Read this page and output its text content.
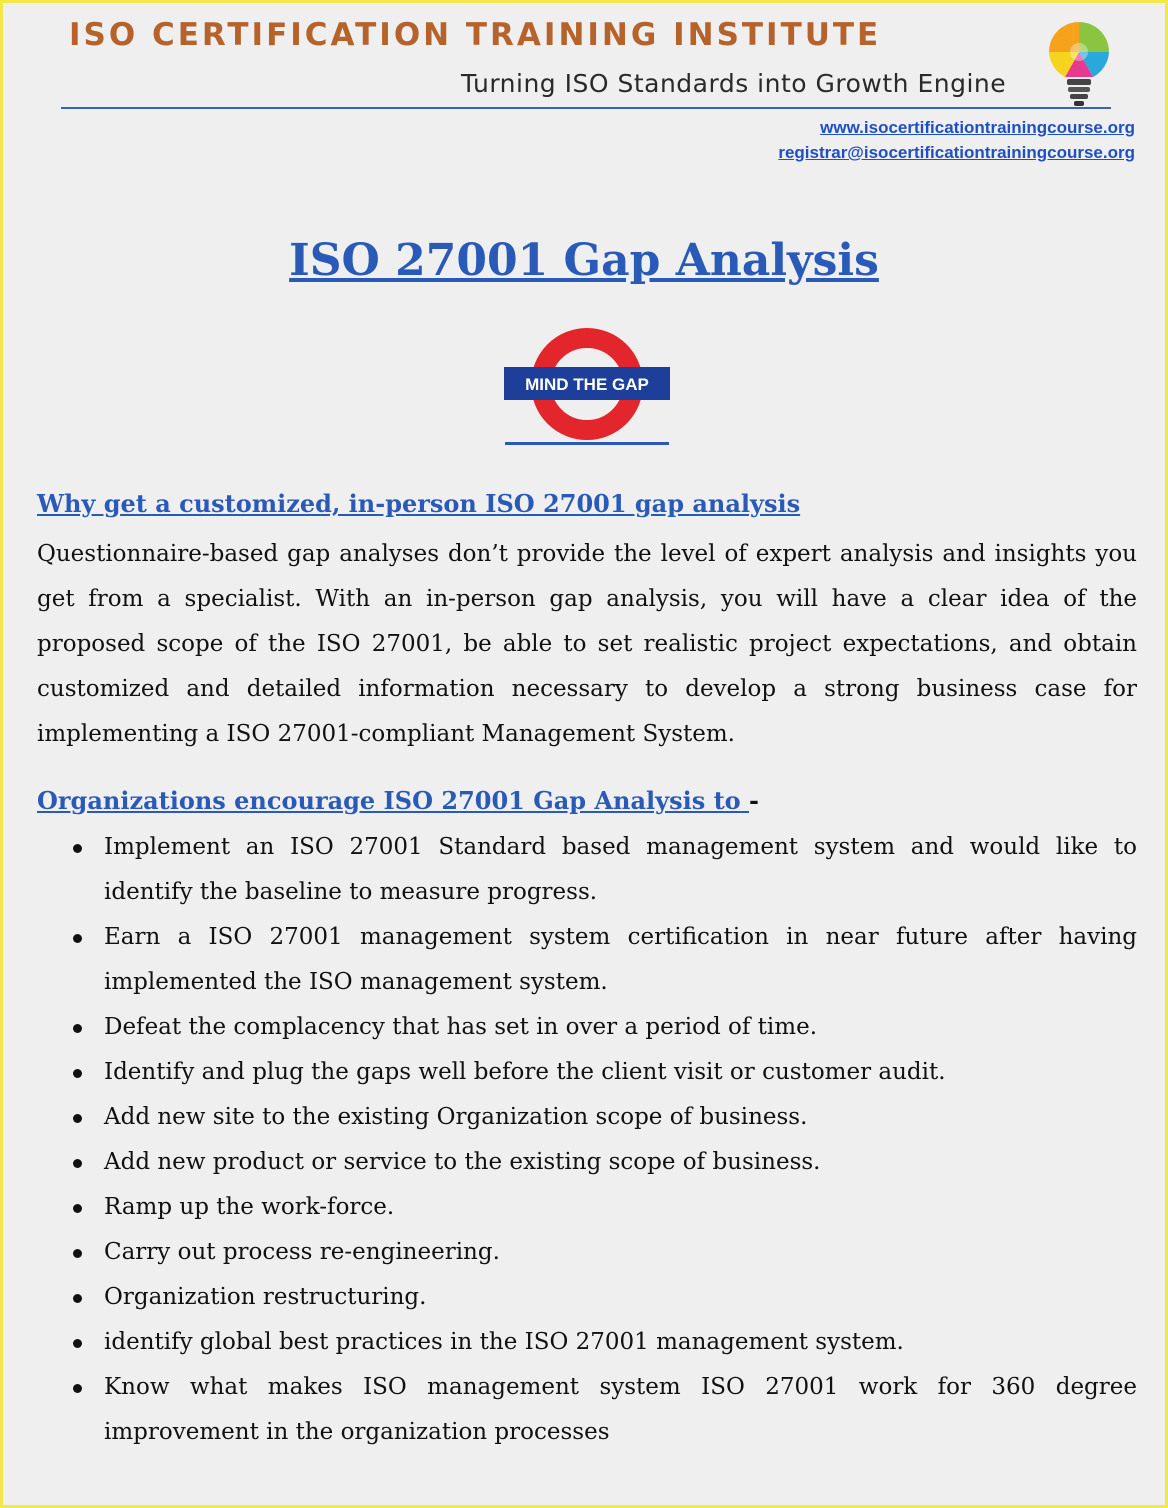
ISO CERTIFICATION TRAINING INSTITUTE
Turning ISO Standards into Growth Engine
www.isocertificationtrainingcourse.org
registrar@isocertificationtrainingcourse.org
ISO 27001 Gap Analysis
MIND THE GAP
Why get a customized, in-person ISO 27001 gap analysis

Questionnaire-based gap analyses don’t provide the level of expert analysis and insights you get from a specialist. With an in-person gap analysis, you will have a clear idea of the proposed scope of the ISO 27001, be able to set realistic project expectations, and obtain customized and detailed information necessary to develop a strong business case for implementing a ISO 27001-compliant Management System.

Organizations encourage ISO 27001 Gap Analysis to -
Implement an ISO 27001 Standard based management system and would like to identify the baseline to measure progress.
Earn a ISO 27001 management system certification in near future after having implemented the ISO management system.
Defeat the complacency that has set in over a period of time.
Identify and plug the gaps well before the client visit or customer audit.
Add new site to the existing Organization scope of business.
Add new product or service to the existing scope of business.
Ramp up the work-force.
Carry out process re-engineering.
Organization restructuring.
identify global best practices in the ISO 27001 management system.
Know what makes ISO management system ISO 27001 work for 360 degree improvement in the organization processes
